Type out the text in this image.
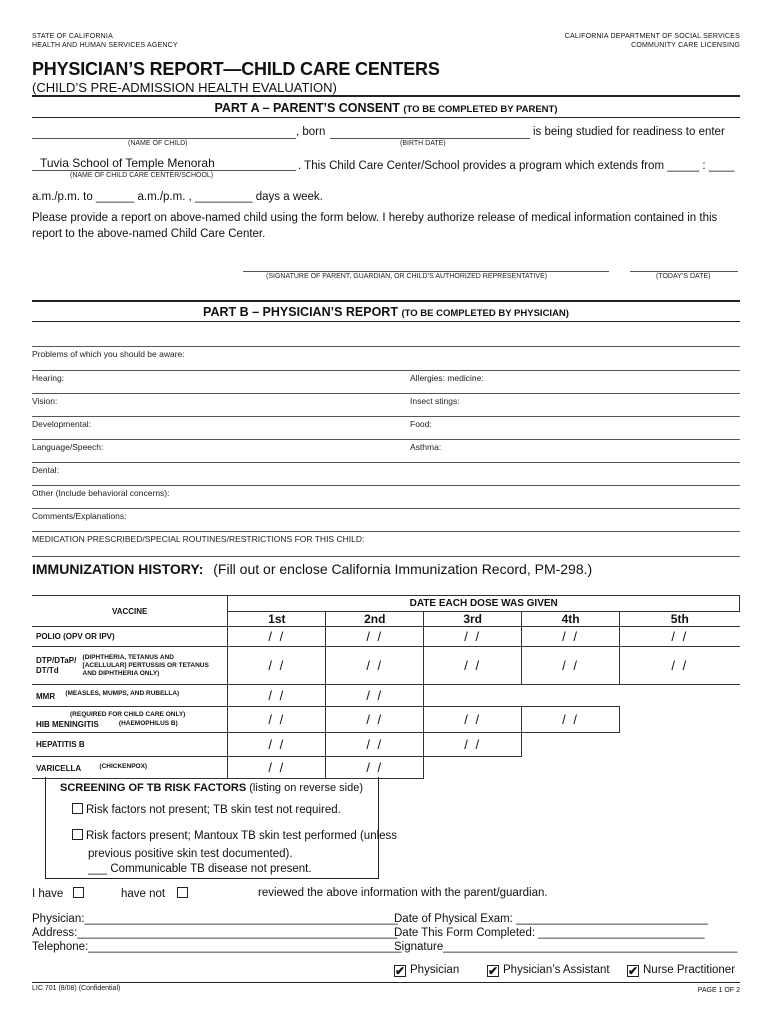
STATE OF CALIFORNIA
HEALTH AND HUMAN SERVICES AGENCY
CALIFORNIA DEPARTMENT OF SOCIAL SERVICES
COMMUNITY CARE LICENSING
PHYSICIAN’S REPORT—CHILD CARE CENTERS
(CHILD’S PRE-ADMISSION HEALTH EVALUATION)
PART A – PARENT’S CONSENT (TO BE COMPLETED BY PARENT)
, born	is being studied for readiness to enter
(NAME OF CHILD)	(BIRTH DATE)
Tuvia School of Temple Menorah	. This Child Care Center/School provides a program which extends from _____ : ____
(NAME OF CHILD CARE CENTER/SCHOOL)
a.m./p.m. to ______ a.m./p.m. , _________ days a week.
Please provide a report on above-named child using the form below. I hereby authorize release of medical information contained in this
report to the above-named Child Care Center.
(SIGNATURE OF PARENT, GUARDIAN, OR CHILD’S AUTHORIZED REPRESENTATIVE)	(TODAY’S DATE)
PART B – PHYSICIAN’S REPORT (TO BE COMPLETED BY PHYSICIAN)
Problems of which you should be aware:
Hearing:	Allergies: medicine:
Vision:	Insect stings:
Developmental:	Food:
Language/Speech:	Asthma:
Dental:
Other (Include behavioral concerns):
Comments/Explanations:
MEDICATION PRESCRIBED/SPECIAL ROUTINES/RESTRICTIONS FOR THIS CHILD:
IMMUNIZATION HISTORY: (Fill out or enclose California Immunization Record, PM-298.)
VACCINE	DATE EACH DOSE WAS GIVEN				
	1st	2nd	3rd	4th	5th
POLIO (OPV OR IPV)	/ /	/ /	/ /	/ /	/ /

DTP/DTaP/
DT/Td

(DIPHTHERIA, TETANUS AND
[ACELLULAR] PERTUSSIS OR TETANUS
AND DIPHTHERIA ONLY)	/ /	/ /	/ /	/ /	/ /
MMR $^{(MEASLES, MUMPS, AND RUBELLA)}$	/ /	/ /			

(REQUIRED FOR CHILD CARE ONLY)
HIB MENINGITIS $^{(HAEMOPHILUS B)}$	/ /	/ /	/ /	/ /	
HEPATITIS B	/ /	/ /	/ /		
VARICELLA $^{(CHICKENPOX)}$	/ /	/ /			
SCREENING OF TB RISK FACTORS (listing on reverse side)
Risk factors not present; TB skin test not required.
Risk factors present; Mantoux TB skin test performed (unless
previous positive skin test documented).
___ Communicable TB disease not present.
I have	have not	reviewed the above information with the parent/guardian.
Physician:_________________________________________________
Address:__________________________________________________
Telephone:_________________________________________________
Date of Physical Exam: ______________________________
Date This Form Completed: __________________________
Signature______________________________________________
✔ Physician ✔ Physician’s Assistant ✔ Nurse Practitioner
LIC 701 (8/08) (Confidential)	PAGE 1 OF 2
